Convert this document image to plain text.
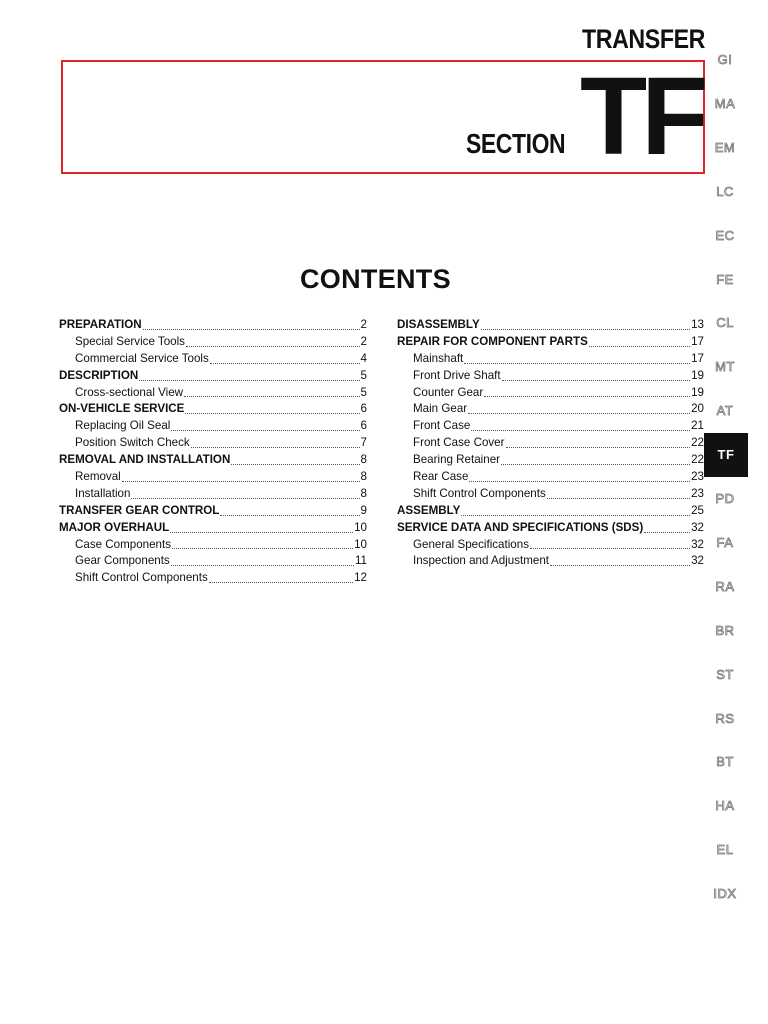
TRANSFER
SECTION TF
CONTENTS
PREPARATION	2
Special Service Tools	2
Commercial Service Tools	4
DESCRIPTION	5
Cross-sectional View	5
ON-VEHICLE SERVICE	6
Replacing Oil Seal	6
Position Switch Check	7
REMOVAL AND INSTALLATION	8
Removal	8
Installation	8
TRANSFER GEAR CONTROL	9
MAJOR OVERHAUL	10
Case Components	10
Gear Components	11
Shift Control Components	12
DISASSEMBLY	13
REPAIR FOR COMPONENT PARTS	17
Mainshaft	17
Front Drive Shaft	19
Counter Gear	19
Main Gear	20
Front Case	21
Front Case Cover	22
Bearing Retainer	22
Rear Case	23
Shift Control Components	23
ASSEMBLY	25
SERVICE DATA AND SPECIFICATIONS (SDS)	32
General Specifications	32
Inspection and Adjustment	32
GI
MA
EM
LC
EC
FE
CL
MT
AT
TF
PD
FA
RA
BR
ST
RS
BT
HA
EL
IDX
